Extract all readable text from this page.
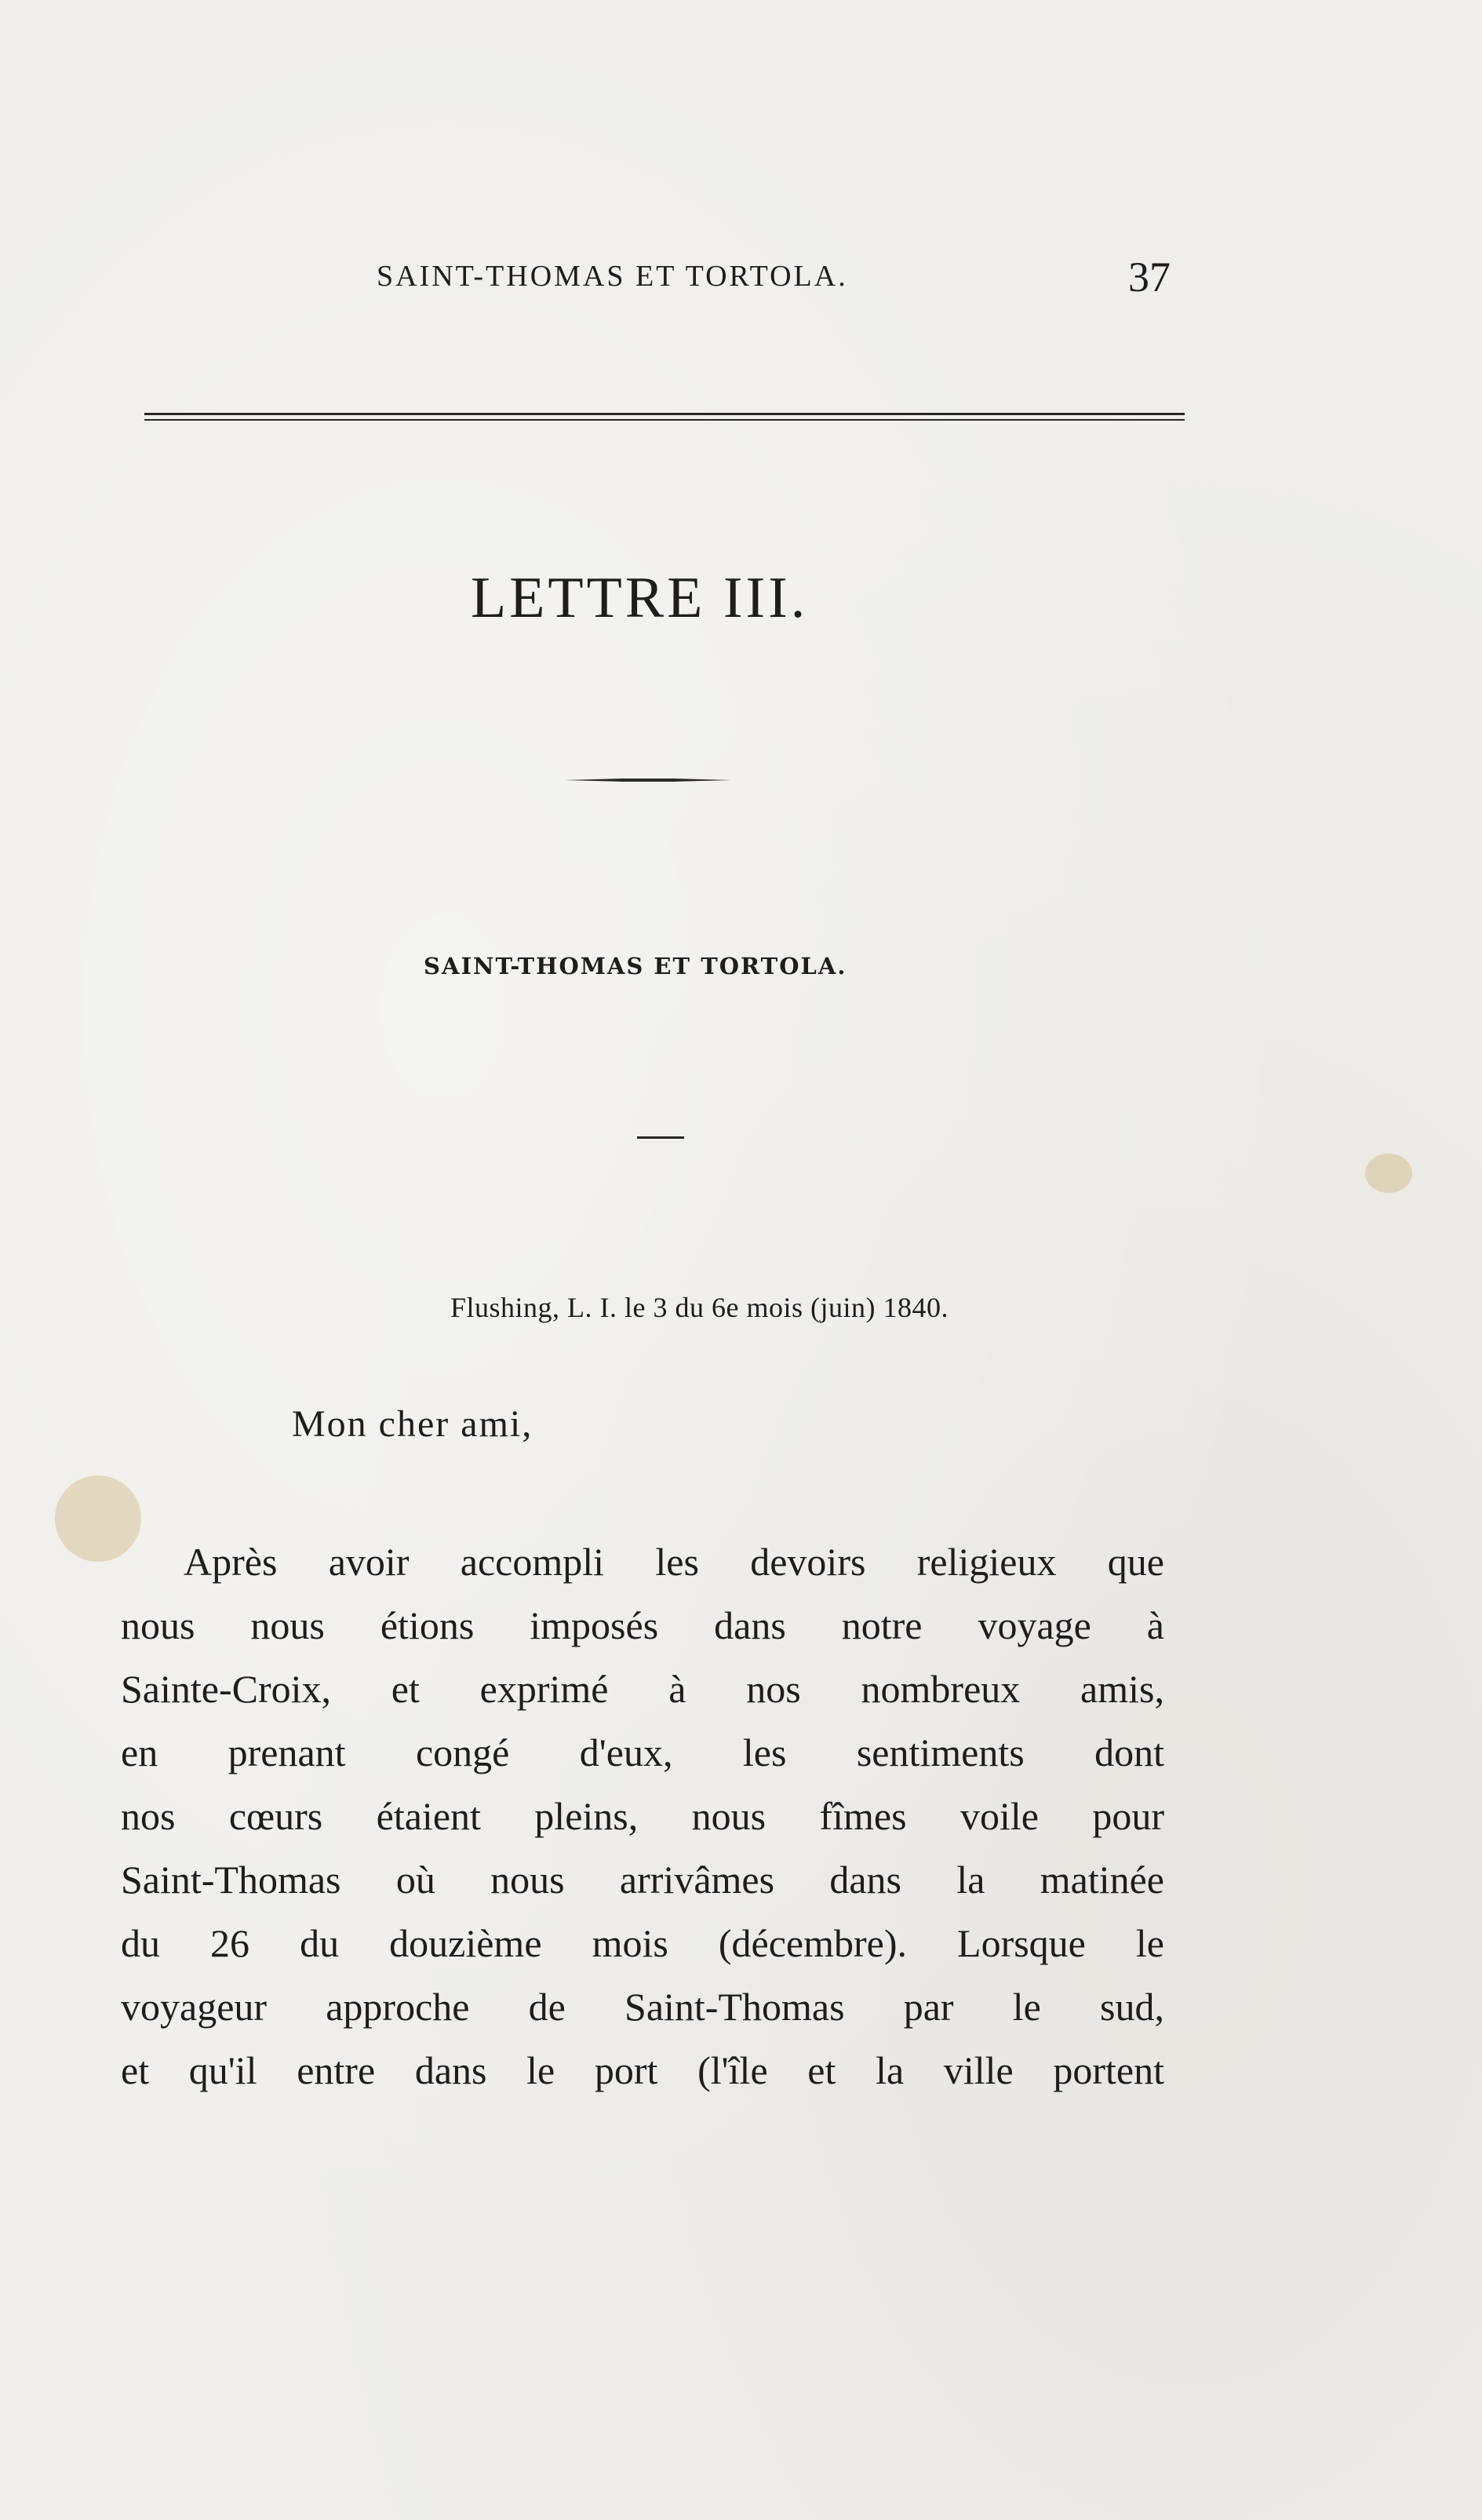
SAINT-THOMAS ET TORTOLA.	37
LETTRE III.
SAINT-THOMAS ET TORTOLA.
Flushing, L. I. le 3 du 6e mois (juin) 1840.
Mon cher ami,
Après avoir accompli les devoirs religieux que
nous nous étions imposés dans notre voyage à
Sainte-Croix, et exprimé à nos nombreux amis,
en prenant congé d'eux, les sentiments dont
nos cœurs étaient pleins, nous fîmes voile pour
Saint-Thomas où nous arrivâmes dans la matinée
du 26 du douzième mois (décembre). Lorsque le
voyageur approche de Saint-Thomas par le sud,
et qu'il entre dans le port (l'île et la ville portent
